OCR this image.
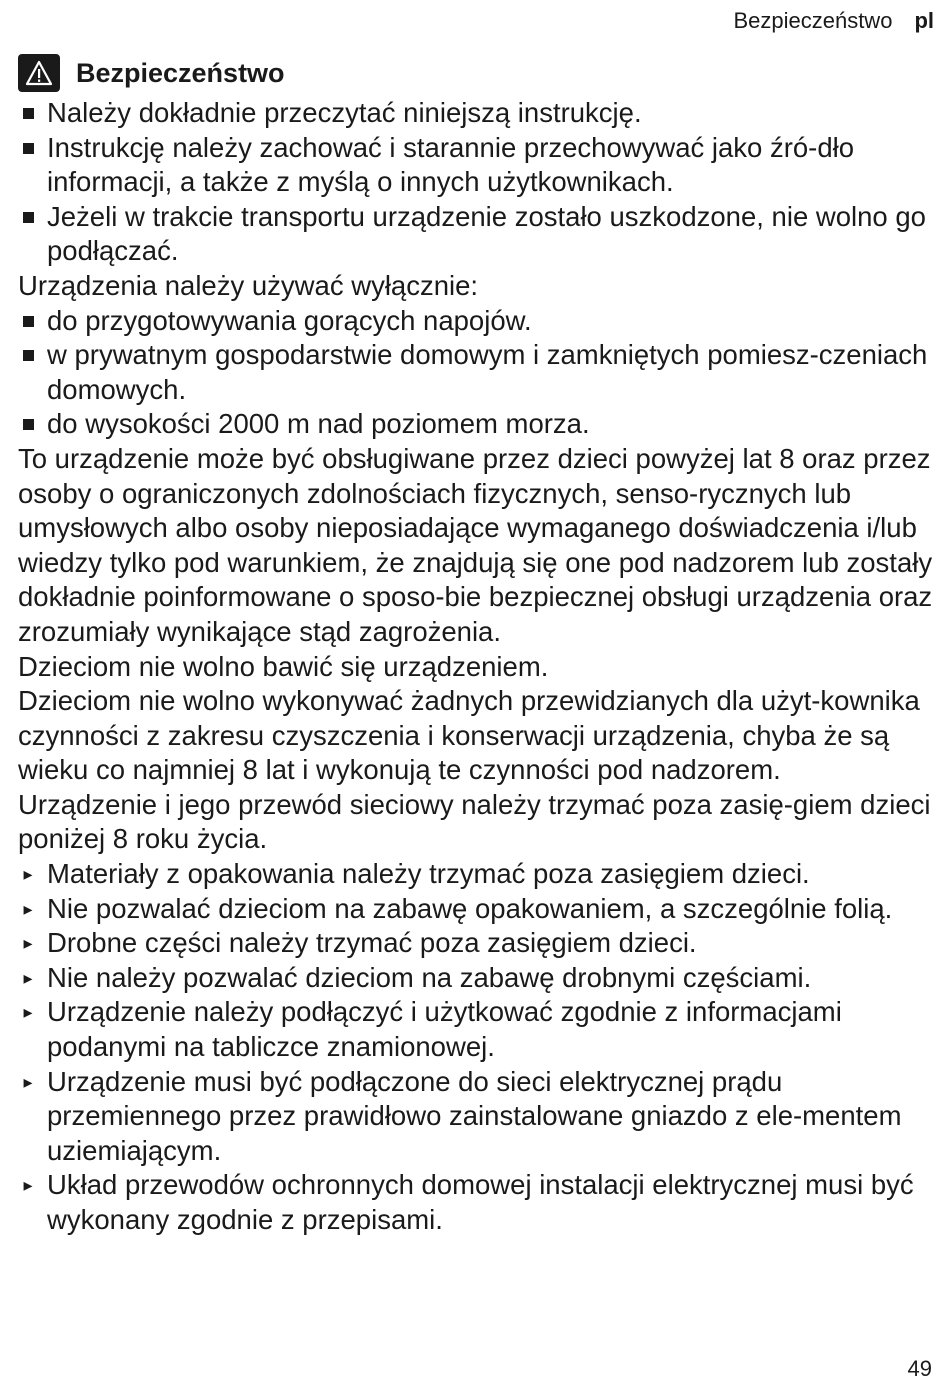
Bezpieczeństwo pl
Bezpieczeństwo
Należy dokładnie przeczytać niniejszą instrukcję.
Instrukcję należy zachować i starannie przechowywać jako źró-dło informacji, a także z myślą o innych użytkownikach.
Jeżeli w trakcie transportu urządzenie zostało uszkodzone, nie wolno go podłączać.

Urządzenia należy używać wyłącznie:

do przygotowywania gorących napojów.
w prywatnym gospodarstwie domowym i zamkniętych pomiesz-czeniach domowych.
do wysokości 2000 m nad poziomem morza.

To urządzenie może być obsługiwane przez dzieci powyżej lat 8 oraz przez osoby o ograniczonych zdolnościach fizycznych, senso-rycznych lub umysłowych albo osoby nieposiadające wymaganego doświadczenia i/lub wiedzy tylko pod warunkiem, że znajdują się one pod nadzorem lub zostały dokładnie poinformowane o sposo-bie bezpiecznej obsługi urządzenia oraz zrozumiały wynikające stąd zagrożenia.

Dzieciom nie wolno bawić się urządzeniem.

Dzieciom nie wolno wykonywać żadnych przewidzianych dla użyt-kownika czynności z zakresu czyszczenia i konserwacji urządzenia, chyba że są wieku co najmniej 8 lat i wykonują te czynności pod nadzorem.

Urządzenie i jego przewód sieciowy należy trzymać poza zasię-giem dzieci poniżej 8 roku życia.

▸ Materiały z opakowania należy trzymać poza zasięgiem dzieci.
▸ Nie pozwalać dzieciom na zabawę opakowaniem, a szczególnie folią.
▸ Drobne części należy trzymać poza zasięgiem dzieci.
▸ Nie należy pozwalać dzieciom na zabawę drobnymi częściami.
▸ Urządzenie należy podłączyć i użytkować zgodnie z informacjami podanymi na tabliczce znamionowej.
▸ Urządzenie musi być podłączone do sieci elektrycznej prądu przemiennego przez prawidłowo zainstalowane gniazdo z ele-mentem uziemiającym.
▸ Układ przewodów ochronnych domowej instalacji elektrycznej musi być wykonany zgodnie z przepisami.
49
